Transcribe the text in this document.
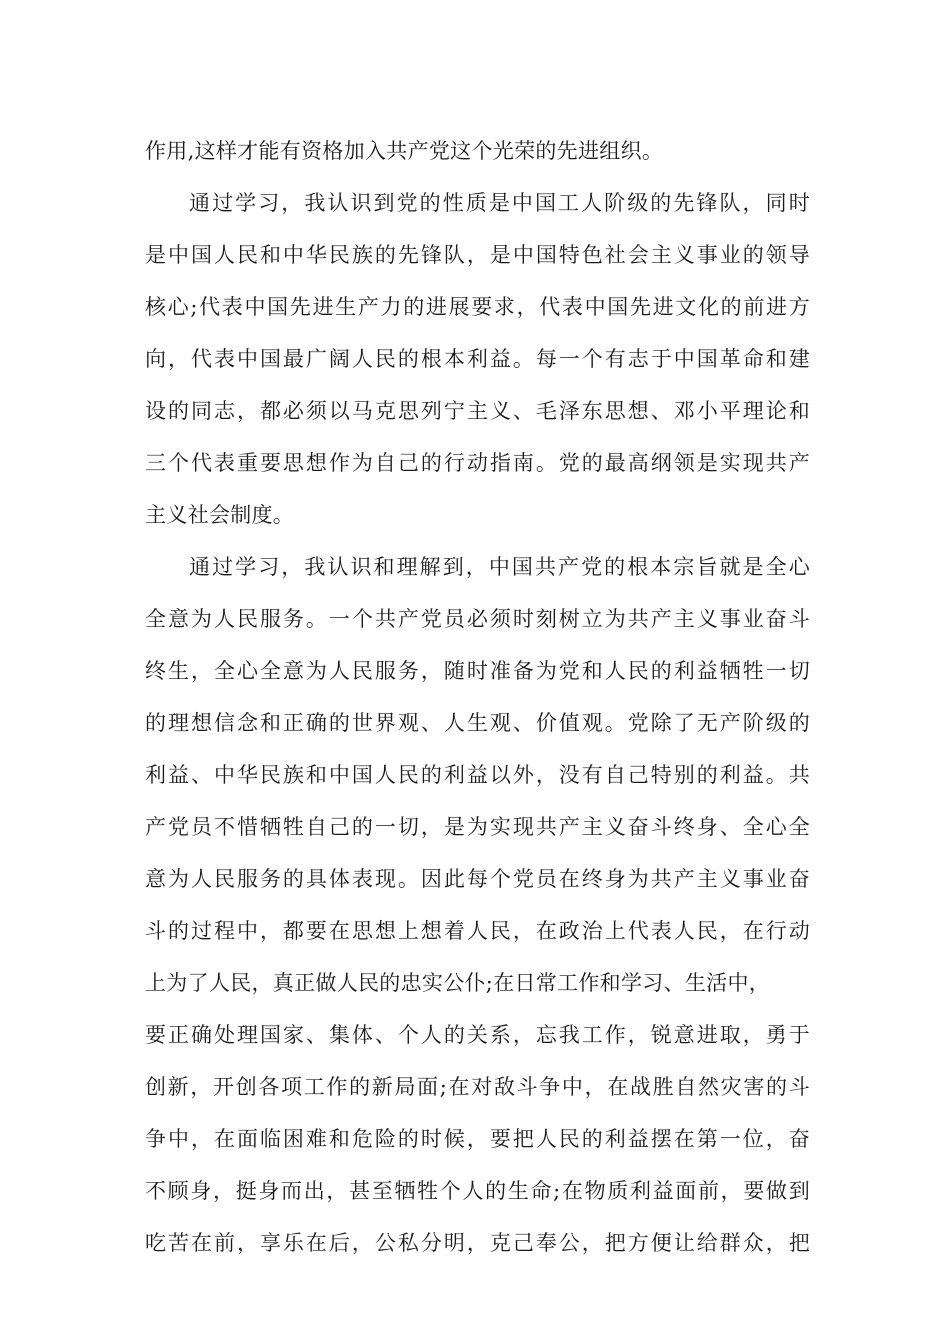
作用,这样才能有资格加入共产党这个光荣的先进组织。
通过学习，我认识到党的性质是中国工人阶级的先锋队，同时
是中国人民和中华民族的先锋队，是中国特色社会主义事业的领导
核心;代表中国先进生产力的进展要求，代表中国先进文化的前进方
向，代表中国最广阔人民的根本利益。每一个有志于中国革命和建
设的同志，都必须以马克思列宁主义、毛泽东思想、邓小平理论和
三个代表重要思想作为自己的行动指南。党的最高纲领是实现共产
主义社会制度。
通过学习，我认识和理解到，中国共产党的根本宗旨就是全心
全意为人民服务。一个共产党员必须时刻树立为共产主义事业奋斗
终生，全心全意为人民服务，随时准备为党和人民的利益牺牲一切
的理想信念和正确的世界观、人生观、价值观。党除了无产阶级的
利益、中华民族和中国人民的利益以外，没有自己特别的利益。共
产党员不惜牺牲自己的一切，是为实现共产主义奋斗终身、全心全
意为人民服务的具体表现。因此每个党员在终身为共产主义事业奋
斗的过程中，都要在思想上想着人民，在政治上代表人民，在行动
上为了人民，真正做人民的忠实公仆;在日常工作和学习、生活中，
要正确处理国家、集体、个人的关系，忘我工作，锐意进取，勇于
创新，开创各项工作的新局面;在对敌斗争中，在战胜自然灾害的斗
争中，在面临困难和危险的时候，要把人民的利益摆在第一位，奋
不顾身，挺身而出，甚至牺牲个人的生命;在物质利益面前，要做到
吃苦在前，享乐在后，公私分明，克己奉公，把方便让给群众，把
